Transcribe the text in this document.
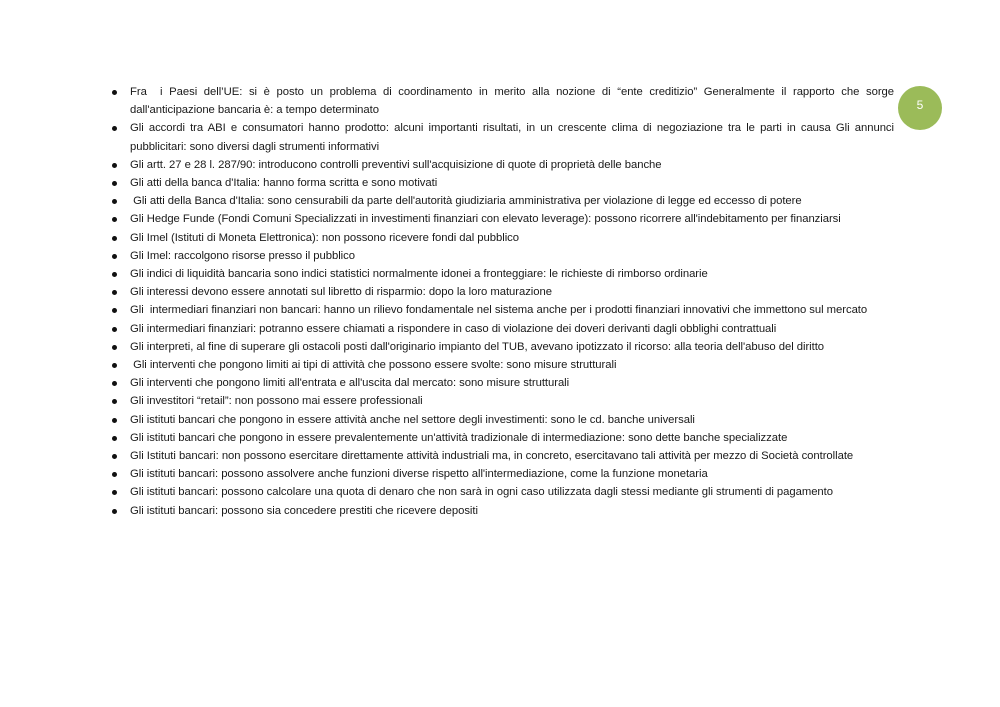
5
Fra  i Paesi dell’UE: si è posto un problema di coordinamento in merito alla nozione di “ente creditizio” Generalmente il rapporto che sorge dall'anticipazione bancaria è: a tempo determinato
Gli accordi tra ABI e consumatori hanno prodotto: alcuni importanti risultati, in un crescente clima di negoziazione tra le parti in causa Gli annunci pubblicitari: sono diversi dagli strumenti informativi
Gli artt. 27 e 28 l. 287/90: introducono controlli preventivi sull'acquisizione di quote di proprietà delle banche
Gli atti della banca d'Italia: hanno forma scritta e sono motivati
Gli atti della Banca d'Italia: sono censurabili da parte dell'autorità giudiziaria amministrativa per violazione di legge ed eccesso di potere
Gli Hedge Funde (Fondi Comuni Specializzati in investimenti finanziari con elevato leverage): possono ricorrere all'indebitamento per finanziarsi
Gli Imel (Istituti di Moneta Elettronica): non possono ricevere fondi dal pubblico
Gli Imel: raccolgono risorse presso il pubblico
Gli indici di liquidità bancaria sono indici statistici normalmente idonei a fronteggiare: le richieste di rimborso ordinarie
Gli interessi devono essere annotati sul libretto di risparmio: dopo la loro maturazione
Gli  intermediari finanziari non bancari: hanno un rilievo fondamentale nel sistema anche per i prodotti finanziari innovativi che immettono sul mercato
Gli intermediari finanziari: potranno essere chiamati a rispondere in caso di violazione dei doveri derivanti dagli obblighi contrattuali
Gli interpreti, al fine di superare gli ostacoli posti dall'originario impianto del TUB, avevano ipotizzato il ricorso: alla teoria dell'abuso del diritto
Gli interventi che pongono limiti ai tipi di attività che possono essere svolte: sono misure strutturali
Gli interventi che pongono limiti all'entrata e all'uscita dal mercato: sono misure strutturali
Gli investitori “retail”: non possono mai essere professionali
Gli istituti bancari che pongono in essere attività anche nel settore degli investimenti: sono le cd. banche universali
Gli istituti bancari che pongono in essere prevalentemente un'attività tradizionale di intermediazione: sono dette banche specializzate
Gli Istituti bancari: non possono esercitare direttamente attività industriali ma, in concreto, esercitavano tali attività per mezzo di Società controllate
Gli istituti bancari: possono assolvere anche funzioni diverse rispetto all'intermediazione, come la funzione monetaria
Gli istituti bancari: possono calcolare una quota di denaro che non sarà in ogni caso utilizzata dagli stessi mediante gli strumenti di pagamento
Gli istituti bancari: possono sia concedere prestiti che ricevere depositi
